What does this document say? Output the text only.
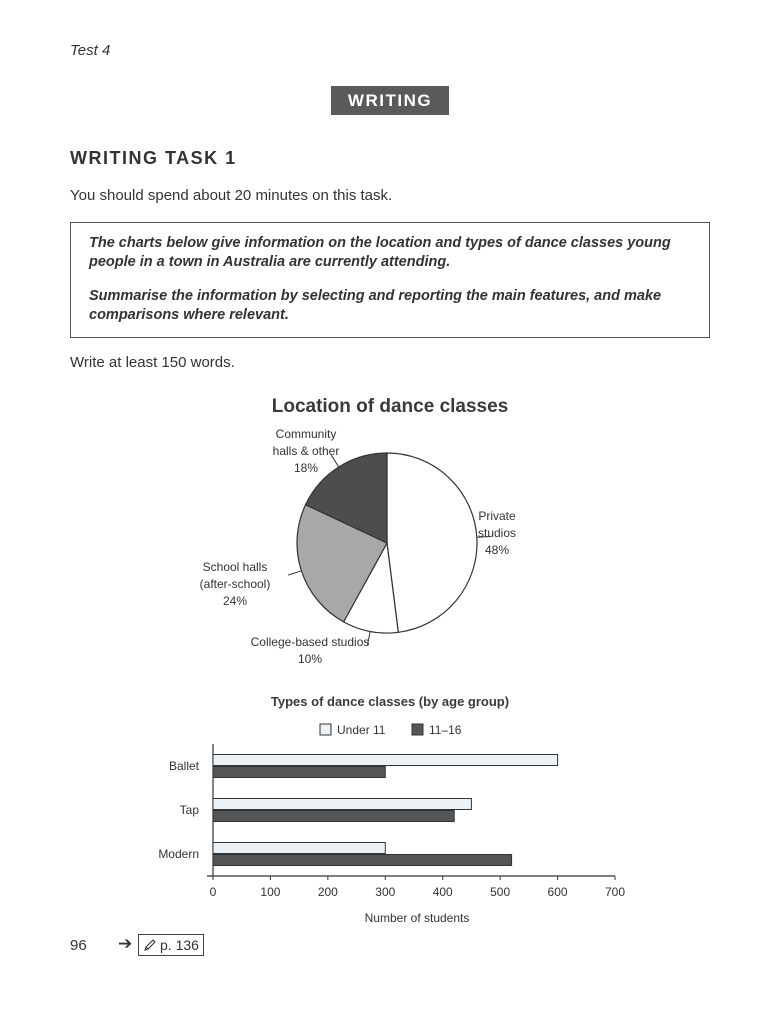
Test 4
WRITING
WRITING TASK 1
You should spend about 20 minutes on this task.

The charts below give information on the location and types of dance classes young people in a town in Australia are currently attending.

Summarise the information by selecting and reporting the main features, and make comparisons where relevant.

Write at least 150 words.
Location of dance classes
Private studios 48%
College-based studios 10%
School halls (after-school) 24%
Community halls & other 18%
Types of dance classes (by age group)
Under 11	11–16
Ballet
Tap
Modern
0	100	200	300	400	500	600	700
Number of students
96 ➔ p. 136
